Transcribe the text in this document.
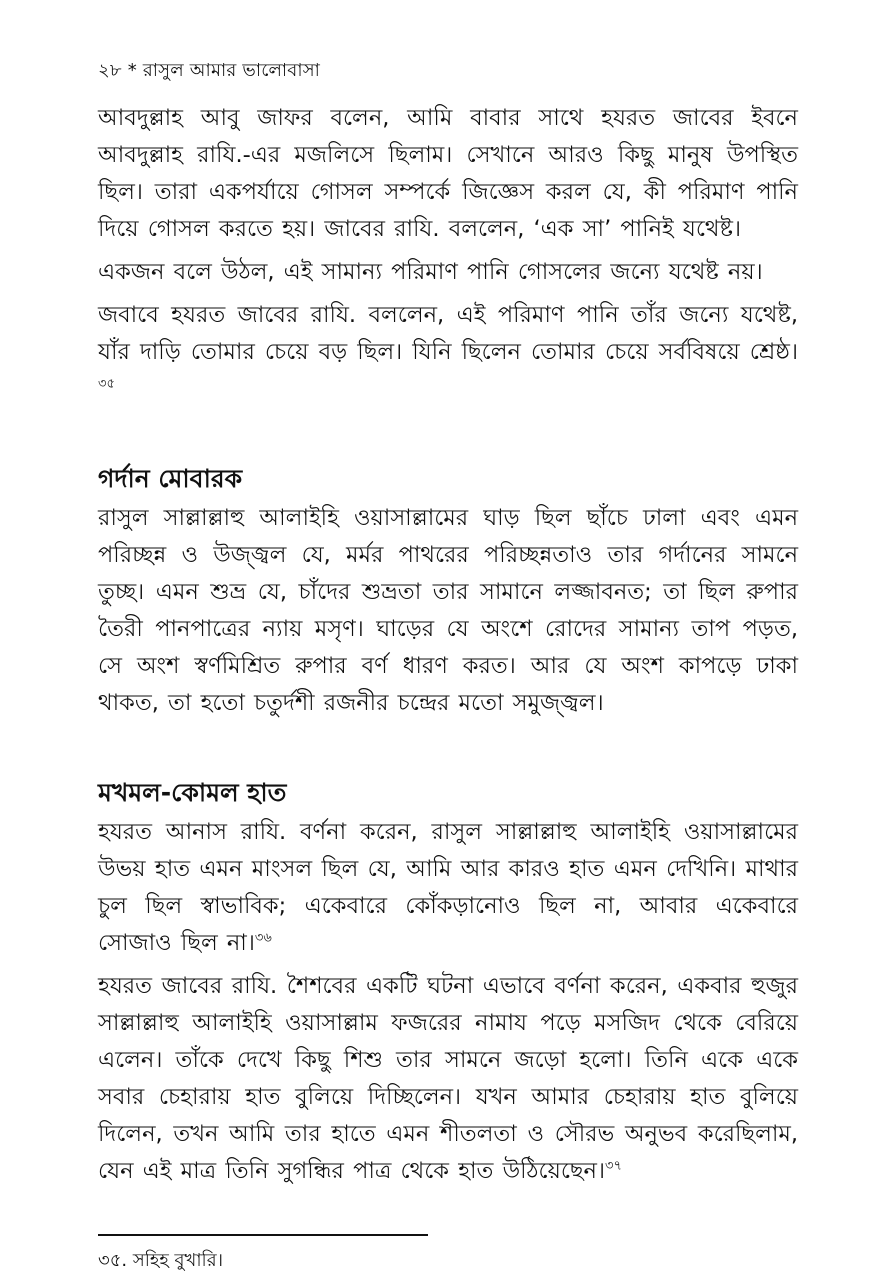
২৮ * রাসুল আমার ভালোবাসা

আবদুল্লাহ আবু জাফর বলেন, আমি বাবার সাথে হযরত জাবের ইবনে আবদুল্লাহ রাযি.-এর মজলিসে ছিলাম। সেখানে আরও কিছু মানুষ উপস্থিত ছিল। তারা একপর্যায়ে গোসল সম্পর্কে জিজ্ঞেস করল যে, কী পরিমাণ পানি দিয়ে গোসল করতে হয়। জাবের রাযি. বললেন, ‘এক সা’ পানিই যথেষ্ট।

একজন বলে উঠল, এই সামান্য পরিমাণ পানি গোসলের জন্যে যথেষ্ট নয়।

জবাবে হযরত জাবের রাযি. বললেন, এই পরিমাণ পানি তাঁর জন্যে যথেষ্ট, যাঁর দাড়ি তোমার চেয়ে বড় ছিল। যিনি ছিলেন তোমার চেয়ে সর্ববিষয়ে শ্রেষ্ঠ।$^{৩৫}$

গর্দান মোবারক

রাসুল সাল্লাল্লাহু আলাইহি ওয়াসাল্লামের ঘাড় ছিল ছাঁচে ঢালা এবং এমন পরিচ্ছন্ন ও উজ্জ্বল যে, মর্মর পাথরের পরিচ্ছন্নতাও তার গর্দানের সামনে তুচ্ছ। এমন শুভ্র যে, চাঁদের শুভ্রতা তার সামানে লজ্জাবনত; তা ছিল রুপার তৈরী পানপাত্রের ন্যায় মসৃণ। ঘাড়ের যে অংশে রোদের সামান্য তাপ পড়ত, সে অংশ স্বর্ণমিশ্রিত রুপার বর্ণ ধারণ করত। আর যে অংশ কাপড়ে ঢাকা থাকত, তা হতো চতুর্দশী রজনীর চন্দ্রের মতো সমুজ্জ্বল।

মখমল-কোমল হাত

হযরত আনাস রাযি. বর্ণনা করেন, রাসুল সাল্লাল্লাহু আলাইহি ওয়াসাল্লামের উভয় হাত এমন মাংসল ছিল যে, আমি আর কারও হাত এমন দেখিনি। মাথার চুল ছিল স্বাভাবিক; একেবারে কোঁকড়ানোও ছিল না, আবার একেবারে সোজাও ছিল না।$^{৩৬}$

হযরত জাবের রাযি. শৈশবের একটি ঘটনা এভাবে বর্ণনা করেন, একবার হুজুর সাল্লাল্লাহু আলাইহি ওয়াসাল্লাম ফজরের নামায পড়ে মসজিদ থেকে বেরিয়ে এলেন। তাঁকে দেখে কিছু শিশু তার সামনে জড়ো হলো। তিনি একে একে সবার চেহারায় হাত বুলিয়ে দিচ্ছিলেন। যখন আমার চেহারায় হাত বুলিয়ে দিলেন, তখন আমি তার হাতে এমন শীতলতা ও সৌরভ অনুভব করেছিলাম, যেন এই মাত্র তিনি সুগন্ধির পাত্র থেকে হাত উঠিয়েছেন।$^{৩৭}$

৩৫. সহিহ বুখারি।
